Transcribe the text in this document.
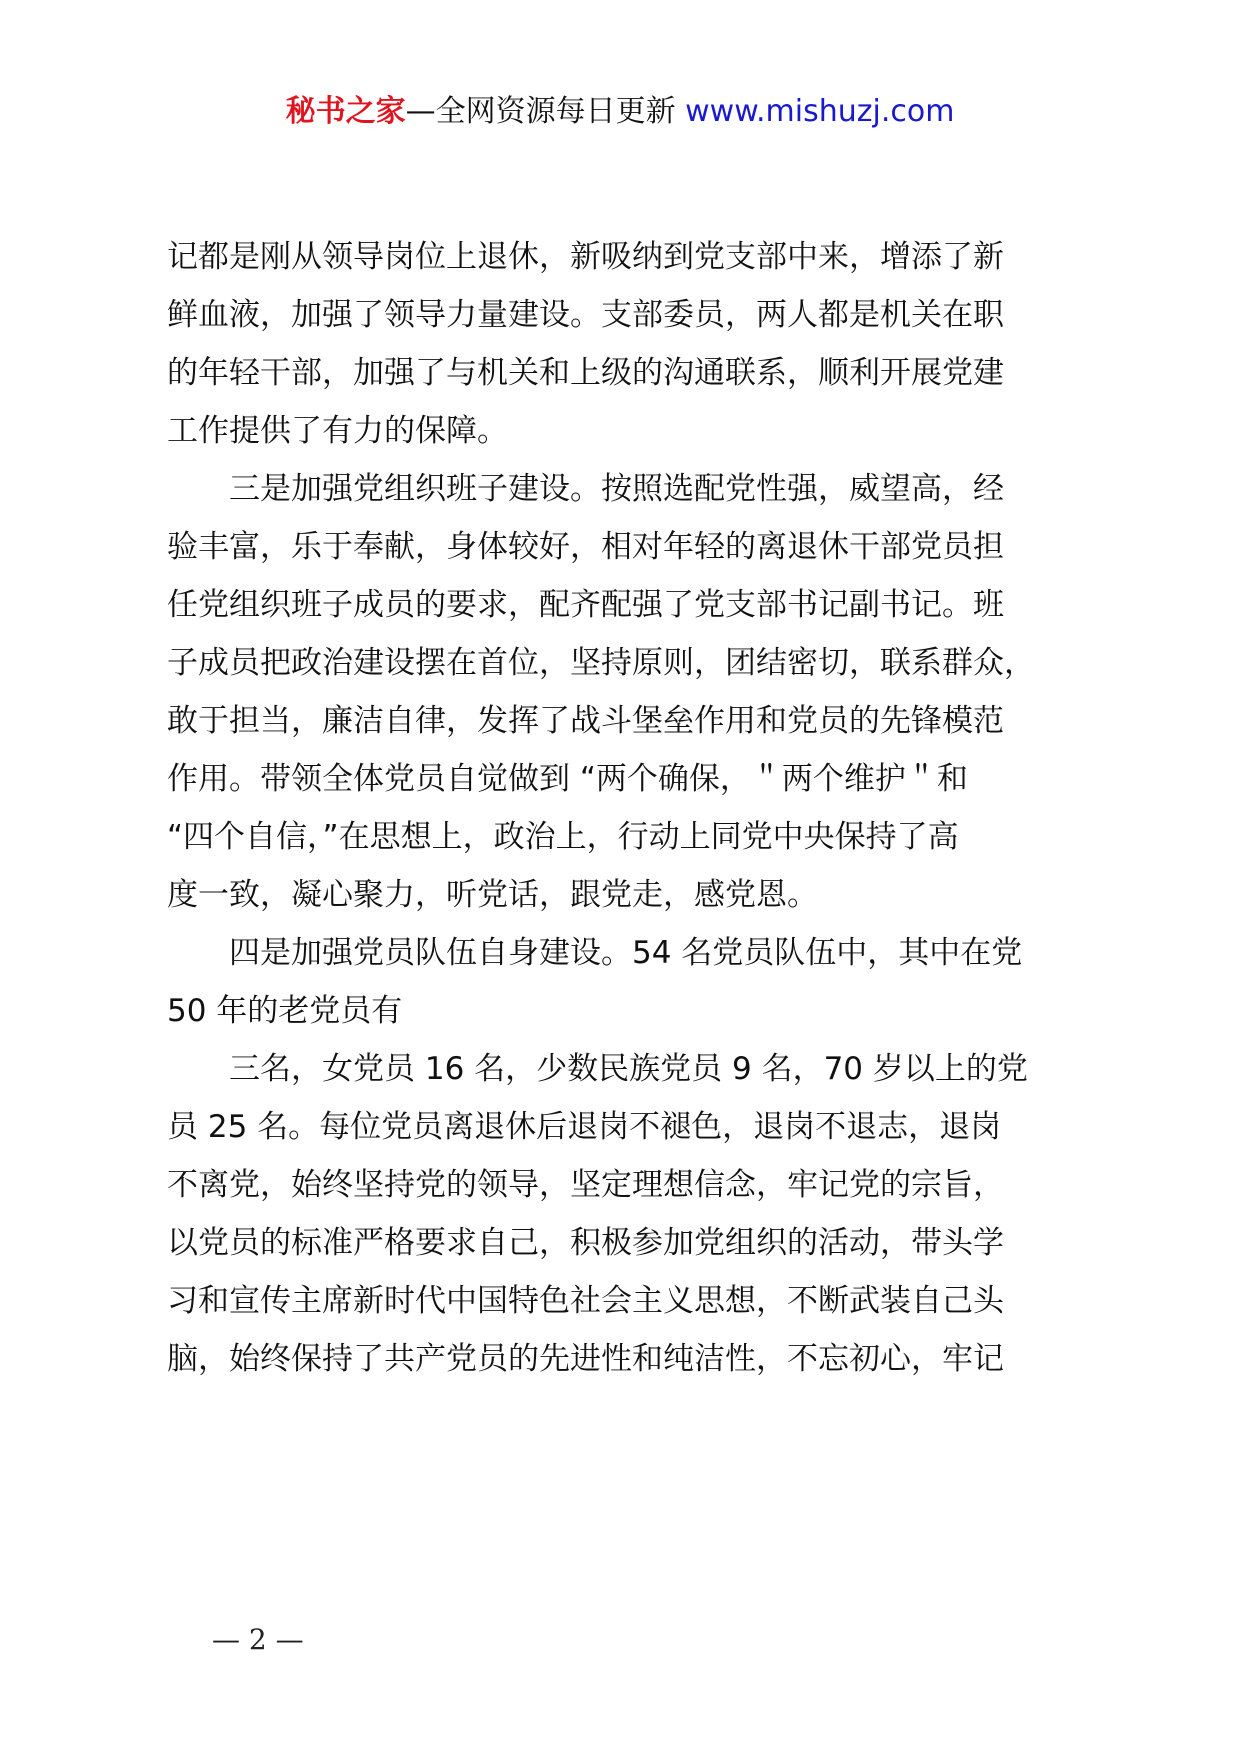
秘书之家—全网资源每日更新 www.mishuzj.com
记都是刚从领导岗位上退休，新吸纳到党支部中来，增添了新
鲜血液，加强了领导力量建设。支部委员，两人都是机关在职
的年轻干部，加强了与机关和上级的沟通联系，顺利开展党建
工作提供了有力的保障。
三是加强党组织班子建设。按照选配党性强，威望高，经
验丰富，乐于奉献，身体较好，相对年轻的离退休干部党员担
任党组织班子成员的要求，配齐配强了党支部书记副书记。班
子成员把政治建设摆在首位，坚持原则，团结密切，联系群众，
敢于担当，廉洁自律，发挥了战斗堡垒作用和党员的先锋模范
作用。带领全体党员自觉做到 “两个确保，＂两个维护＂和
“四个自信，”在思想上，政治上，行动上同党中央保持了高
度一致，凝心聚力，听党话，跟党走，感党恩。
四是加强党员队伍自身建设。54 名党员队伍中，其中在党
50 年的老党员有
三名，女党员 16 名，少数民族党员 9 名，70 岁以上的党
员 25 名。每位党员离退休后退岗不褪色，退岗不退志，退岗
不离党，始终坚持党的领导，坚定理想信念，牢记党的宗旨，
以党员的标准严格要求自己，积极参加党组织的活动，带头学
习和宣传主席新时代中国特色社会主义思想，不断武装自己头
脑，始终保持了共产党员的先进性和纯洁性，不忘初心，牢记
— 2 —
